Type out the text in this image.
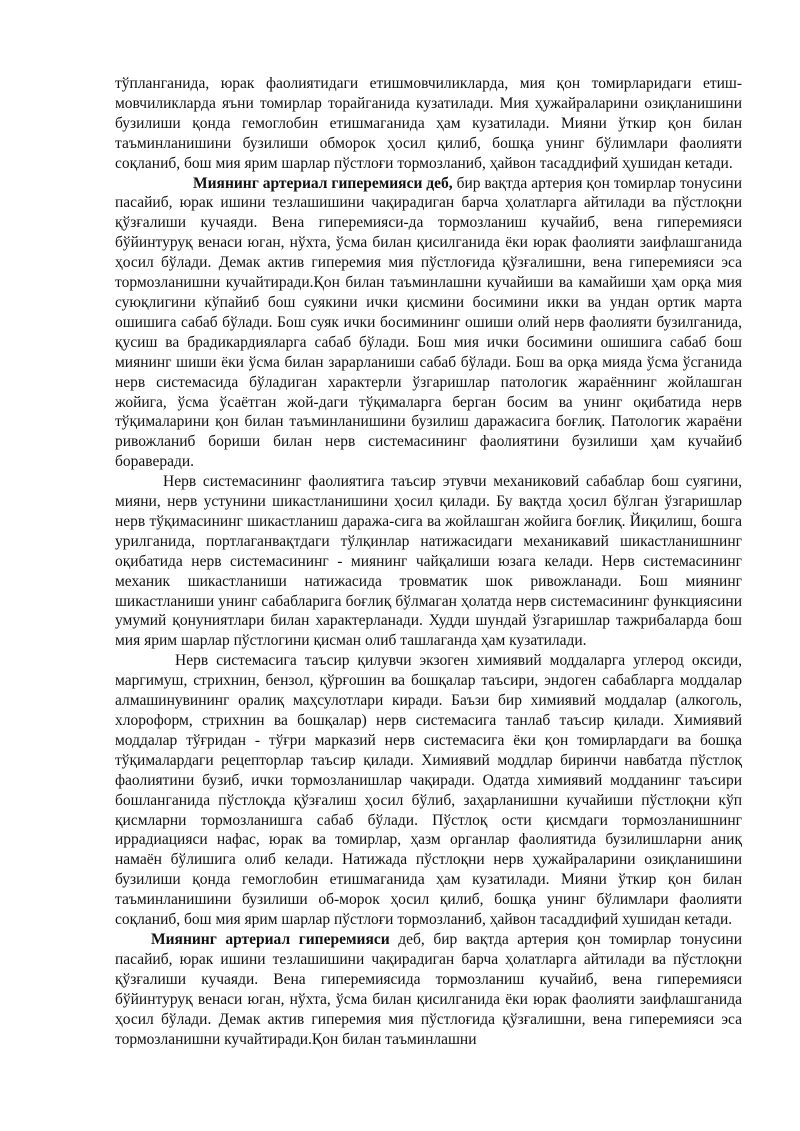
тўпланганида, юрак фаолиятидаги етишмовчиликларда, мия қон томирларидаги етиш-мовчиликларда яъни томирлар торайганида кузатилади. Мия ҳужайраларини озиқланишини бузилиши қонда гемоглобин етишмаганида ҳам кузатилади. Мияни ўткир қон билан таъминланишини бузилиши обморок ҳосил қилиб, бошқа унинг бўлимлари фаолияти соқланиб, бош мия ярим шарлар пўстлоғи тормозланиб, ҳайвон тасаддифий ҳушидан кетади.

Миянинг артериал гиперемияси деб, бир вақтда артерия қон томирлар тонусини пасайиб, юрак ишини тезлашишини чақирадиган барча ҳолатларга айтилади ва пўстлоқни қўзғалиши кучаяди. Вена гиперемияси-да тормозланиш кучайиб, вена гиперемияси бўйинтуруқ венаси юган, нўхта, ўсма билан қисилганида ёки юрак фаолияти заифлашганида ҳосил бўлади. Демак актив гиперемия мия пўстлоғида қўзғалишни, вена гиперемияси эса тормозланишни кучайтиради.Қон билан таъминлашни кучайиши ва камайиши ҳам орқа мия суюқлигини кўпайиб бош суякини ички қисмини босимини икки ва ундан ортик марта ошишига сабаб бўлади. Бош суяк ички босимининг ошиши олий нерв фаолияти бузилганида, қусиш ва брадикардияларга сабаб бўлади. Бош мия ички босимини ошишига сабаб бош миянинг шиши ёки ўсма билан зарарланиши сабаб бўлади. Бош ва орқа мияда ўсма ўсганида нерв системасида бўладиган характерли ўзгаришлар патологик жараённинг жойлашган жойига, ўсма ўсаётган жой-даги тўқималарга берган босим ва унинг оқибатида нерв тўқималарини қон билан таъминланишини бузилиш даражасига боғлиқ. Патологик жараёни ривожланиб бориши билан нерв системасининг фаолиятини бузилиши ҳам кучайиб бораверади.

Нерв системасининг фаолиятига таъсир этувчи механиковий сабаблар бош суягини, мияни, нерв устунини шикастланишини ҳосил қилади. Бу вақтда ҳосил бўлган ўзгаришлар нерв тўқимасининг шикастланиш даража-сига ва жойлашган жойига боғлиқ. Йиқилиш, бошга урилганида, портлаганвақтдаги тўлқинлар натижасидаги механикавий шикастланишнинг оқибатида нерв системасининг - миянинг чайқалиши юзага келади. Нерв системасининг механик шикастланиши натижасида тровматик шок ривожланади. Бош миянинг шикастланиши унинг сабабларига боғлиқ бўлмаган ҳолатда нерв системасининг функциясини умумий қонуниятлари билан характерланади. Худди шундай ўзгаришлар тажрибаларда бош мия ярим шарлар пўстлогини қисман олиб ташлаганда ҳам кузатилади.

Нерв системасига таъсир қилувчи экзоген химиявий моддаларга углерод оксиди, маргимуш, стрихнин, бензол, қўрғошин ва бошқалар таъсири, эндоген сабабларга моддалар алмашинувининг оралиқ маҳсулотлари киради. Баъзи бир химиявий моддалар (алкоголь, хлороформ, стрихнин ва бошқалар) нерв системасига танлаб таъсир қилади. Химиявий моддалар тўғридан - тўғри марказий нерв системасига ёки қон томирлардаги ва бошқа тўқималардаги рецепторлар таъсир қилади. Химиявий моддлар биринчи навбатда пўстлоқ фаолиятини бузиб, ички тормозланишлар чақиради. Одатда химиявий модданинг таъсири бошланганида пўстлоқда қўзғалиш ҳосил бўлиб, заҳарланишни кучайиши пўстлоқни кўп қисмларни тормозланишга сабаб бўлади. Пўстлоқ ости қисмдаги тормозланишнинг иррадиацияси нафас, юрак ва томирлар, ҳазм органлар фаолиятида бузилишларни аниқ намаён бўлишига олиб келади. Натижада пўстлоқни нерв ҳужайраларини озиқланишини бузилиши қонда гемоглобин етишмаганида ҳам кузатилади. Мияни ўткир қон билан таъминланишини бузилиши об-морок ҳосил қилиб, бошқа унинг бўлимлари фаолияти соқланиб, бош мия ярим шарлар пўстлоғи тормозланиб, ҳайвон тасаддифий хушидан кетади.

Миянинг артериал гиперемияси деб, бир вақтда артерия қон томирлар тонусини пасайиб, юрак ишини тезлашишини чақирадиган барча ҳолатларга айтилади ва пўстлоқни қўзғалиши кучаяди. Вена гиперемиясида тормозланиш кучайиб, вена гиперемияси бўйинтуруқ венаси юган, нўхта, ўсма билан қисилганида ёки юрак фаолияти заифлашганида ҳосил бўлади. Демак актив гиперемия мия пўстлоғида қўзғалишни, вена гиперемияси эса тормозланишни кучайтиради.Қон билан таъминлашни
